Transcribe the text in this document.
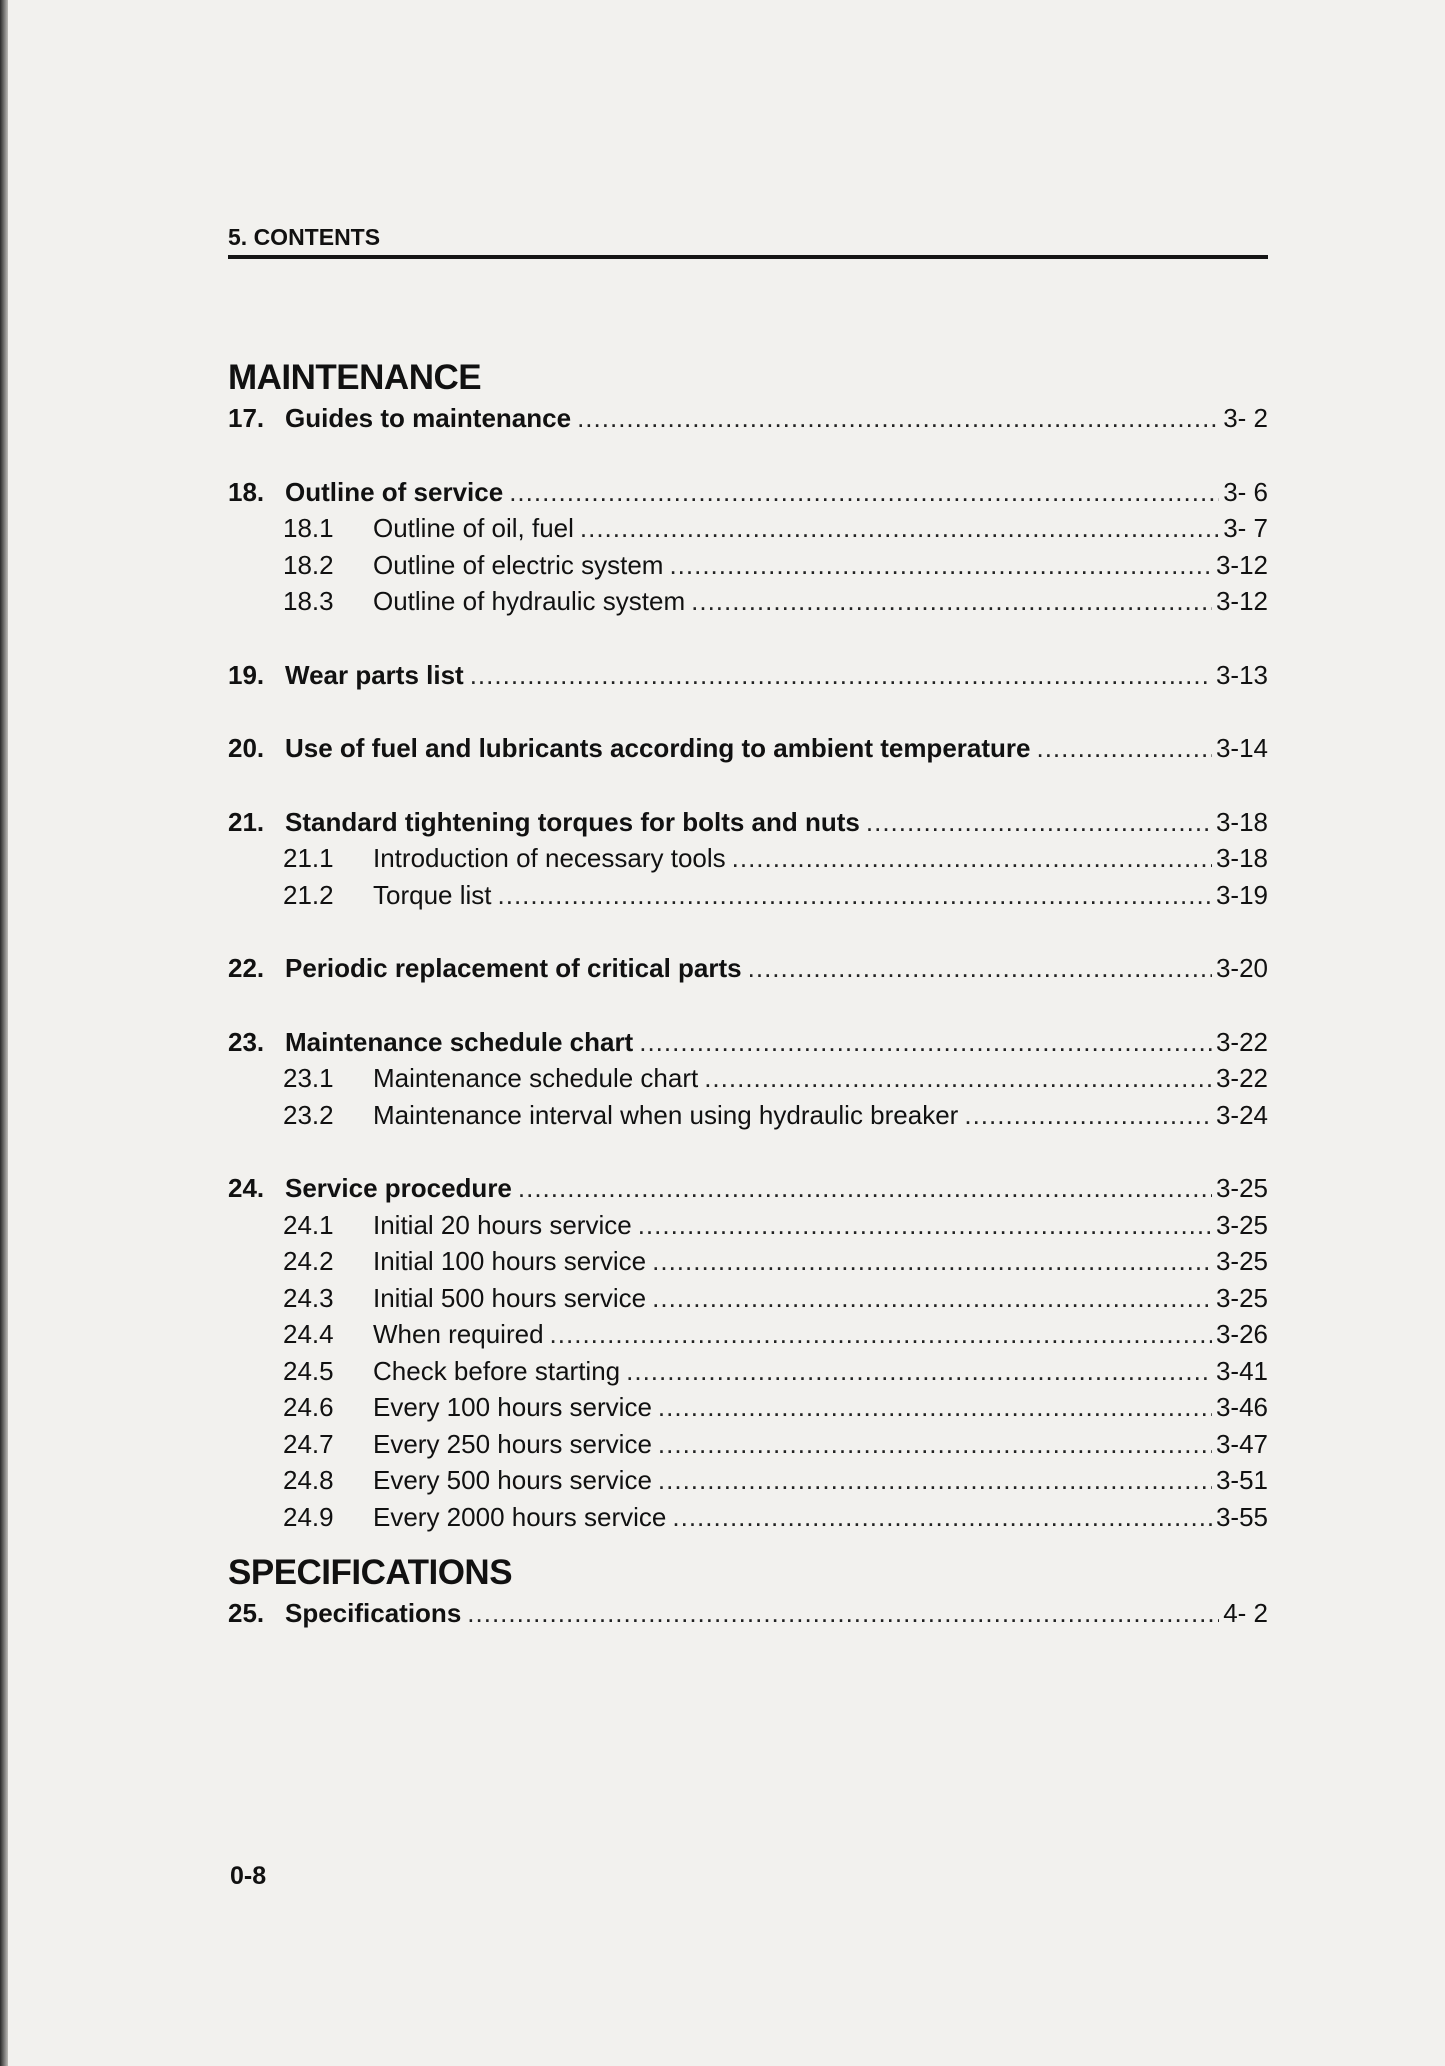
5. CONTENTS
MAINTENANCE
17. Guides to maintenance .....	3- 2
18. Outline of service .....	3- 6
18.1	Outline of oil, fuel .....	3- 7
18.2	Outline of electric system .....	3-12
18.3	Outline of hydraulic system .....	3-12
19. Wear parts list .....	3-13
20. Use of fuel and lubricants according to ambient temperature .....	3-14
21. Standard tightening torques for bolts and nuts .....	3-18
21.1	Introduction of necessary tools .....	3-18
21.2	Torque list .....	3-19
22. Periodic replacement of critical parts .....	3-20
23. Maintenance schedule chart .....	3-22
23.1	Maintenance schedule chart .....	3-22
23.2	Maintenance interval when using hydraulic breaker .....	3-24
24. Service procedure .....	3-25
24.1	Initial 20 hours service .....	3-25
24.2	Initial 100 hours service .....	3-25
24.3	Initial 500 hours service .....	3-25
24.4	When required .....	3-26
24.5	Check before starting .....	3-41
24.6	Every 100 hours service .....	3-46
24.7	Every 250 hours service .....	3-47
24.8	Every 500 hours service .....	3-51
24.9	Every 2000 hours service .....	3-55
SPECIFICATIONS
25. Specifications .....	4- 2
0-8
